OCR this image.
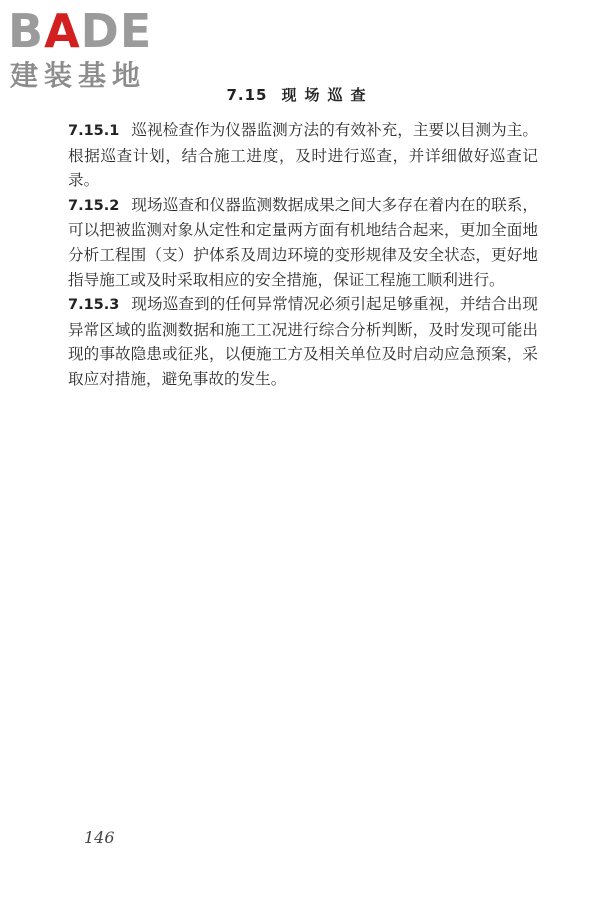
BADE
建装基地
7.15 现场巡查

7.15.1 巡视检查作为仪器监测方法的有效补充，主要以目测为主。根据巡查计划，结合施工进度，及时进行巡查，并详细做好巡查记录。

7.15.2 现场巡查和仪器监测数据成果之间大多存在着内在的联系，可以把被监测对象从定性和定量两方面有机地结合起来，更加全面地分析工程围（支）护体系及周边环境的变形规律及安全状态，更好地指导施工或及时采取相应的安全措施，保证工程施工顺利进行。

7.15.3 现场巡查到的任何异常情况必须引起足够重视，并结合出现异常区域的监测数据和施工工况进行综合分析判断，及时发现可能出现的事故隐患或征兆，以便施工方及相关单位及时启动应急预案，采取应对措施，避免事故的发生。

146
